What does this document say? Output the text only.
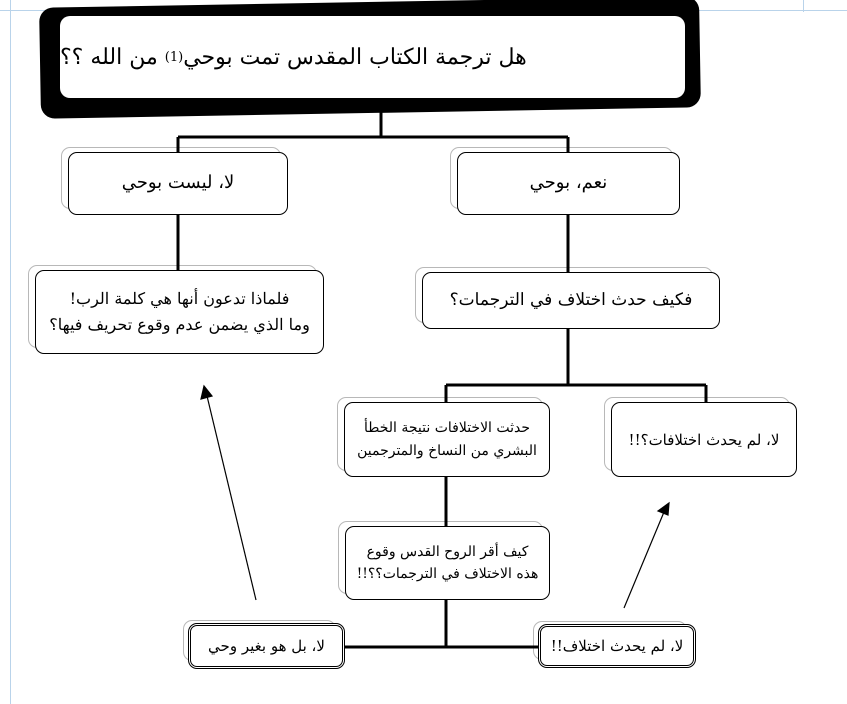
هل ترجمة الكتاب المقدس تمت بوحي
(1)

من الله ؟؟
نعم، بوحي
لا، ليست بوحي
فكيف حدث اختلاف في الترجمات؟
فلماذا تدعون أنها هي كلمة الرب!
وما الذي يضمن عدم وقوع تحريف فيها؟
لا، لم يحدث اختلافات؟!!
حدثت الاختلافات نتيجة الخطأ
البشري من النساخ والمترجمين
كيف أقر الروح القدس وقوع
هذه الاختلاف في الترجمات؟؟!!
لا، لم يحدث اختلاف!!
لا، بل هو بغير وحي
